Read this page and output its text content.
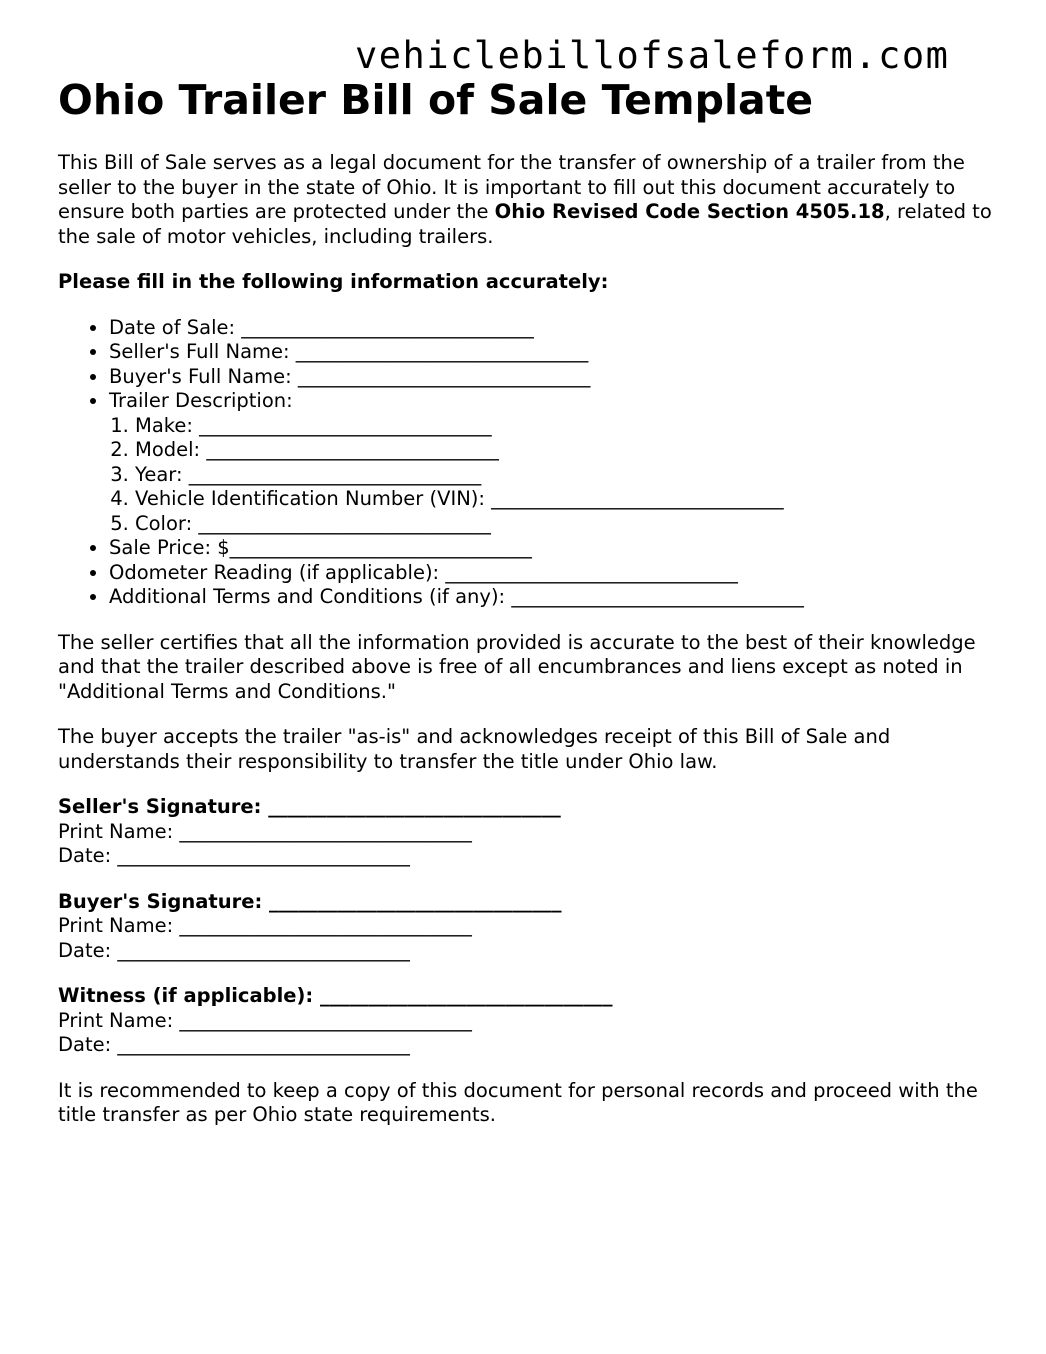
vehiclebillofsaleform.com
Ohio Trailer Bill of Sale Template

This Bill of Sale serves as a legal document for the transfer of ownership of a trailer from the seller to the buyer in the state of Ohio. It is important to fill out this document accurately to ensure both parties are protected under the Ohio Revised Code Section 4505.18, related to the sale of motor vehicles, including trailers.

Please fill in the following information accurately:

• Date of Sale: ______________________________
• Seller's Full Name: ______________________________
• Buyer's Full Name: ______________________________
• Trailer Description:
1. Make: ______________________________
2. Model: ______________________________
3. Year: ______________________________
4. Vehicle Identification Number (VIN): ______________________________
5. Color: ______________________________
• Sale Price: $_______________________________
• Odometer Reading (if applicable): ______________________________
• Additional Terms and Conditions (if any): ______________________________

The seller certifies that all the information provided is accurate to the best of their knowledge and that the trailer described above is free of all encumbrances and liens except as noted in "Additional Terms and Conditions."

The buyer accepts the trailer "as-is" and acknowledges receipt of this Bill of Sale and understands their responsibility to transfer the title under Ohio law.

Seller's Signature: ______________________________
Print Name: ______________________________
Date: ______________________________
Buyer's Signature: ______________________________
Print Name: ______________________________
Date: ______________________________
Witness (if applicable): ______________________________
Print Name: ______________________________
Date: ______________________________

It is recommended to keep a copy of this document for personal records and proceed with the title transfer as per Ohio state requirements.
